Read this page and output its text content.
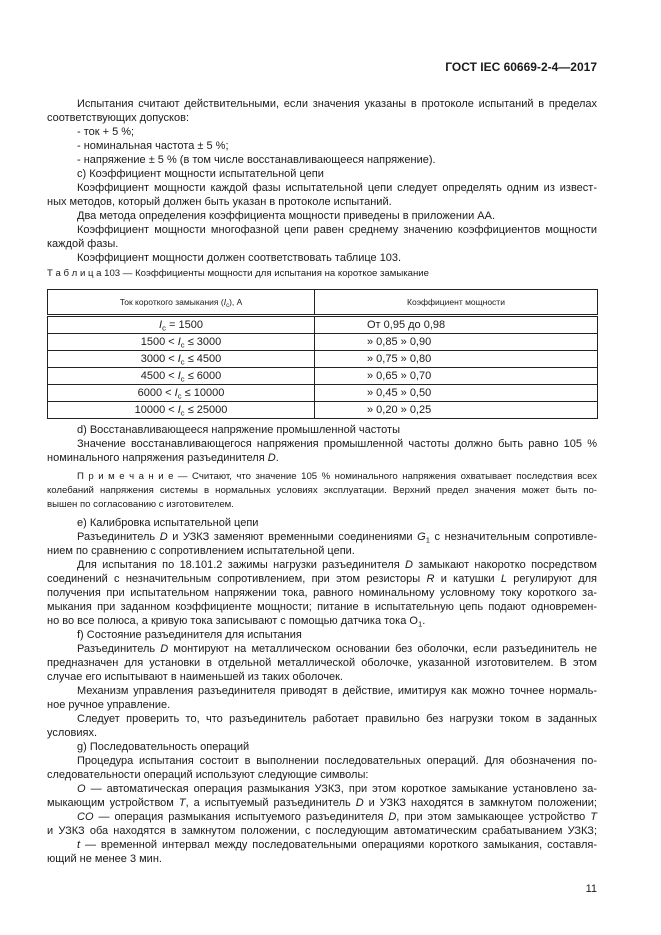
ГОСТ IEC 60669-2-4—2017
Испытания считают действительными, если значения указаны в протоколе испытаний в пределах
соответствующих допусков:
- ток + 5 %;
- номинальная частота ± 5 %;
- напряжение ± 5 % (в том числе восстанавливающееся напряжение).
c) Коэффициент мощности испытательной цепи
Коэффициент мощности каждой фазы испытательной цепи следует определять одним из извест-
ных методов, который должен быть указан в протоколе испытаний.
Два метода определения коэффициента мощности приведены в приложении АА.
Коэффициент мощности многофазной цепи равен среднему значению коэффициентов мощности
каждой фазы.
Коэффициент мощности должен соответствовать таблице 103.
Т а б л и ц а 103 — Коэффициенты мощности для испытания на короткое замыкание
Ток короткого замыкания $(I_c)$, А	Коэффициент мощности
$I_c = 1500$	От 0,95 до 0,98
$1500 < I_c \le 3000$	» 0,85 » 0,90
$3000 < I_c \le 4500$	» 0,75 » 0,80
$4500 < I_c \le 6000$	» 0,65 » 0,70
$6000 < I_c \le 10000$	» 0,45 » 0,50
$10000 < I_c \le 25000$	» 0,20 » 0,25
d) Восстанавливающееся напряжение промышленной частоты
Значение восстанавливающегося напряжения промышленной частоты должно быть равно 105 %
номинального напряжения разъединителя D.
П р и м е ч а н и е — Считают, что значение 105 % номинального напряжения охватывает последствия всех
колебаний напряжения системы в нормальных условиях эксплуатации. Верхний предел значения может быть по-
вышен по согласованию с изготовителем.
e) Калибровка испытательной цепи
Разъединитель D и УЗКЗ заменяют временными соединениями $G_1$ с незначительным сопротивле-
нием по сравнению с сопротивлением испытательной цепи.
Для испытания по 18.101.2 зажимы нагрузки разъединителя D замыкают накоротко посредством
соединений с незначительным сопротивлением, при этом резисторы R и катушки L регулируют для
получения при испытательном напряжении тока, равного номинальному условному току короткого за-
мыкания при заданном коэффициенте мощности; питание в испытательную цепь подают одновремен-
но во все полюса, а кривую тока записывают с помощью датчика тока $О_1$.
f) Состояние разъединителя для испытания
Разъединитель D монтируют на металлическом основании без оболочки, если разъединитель не
предназначен для установки в отдельной металлической оболочке, указанной изготовителем. В этом
случае его испытывают в наименьшей из таких оболочек.
Механизм управления разъединителя приводят в действие, имитируя как можно точнее нормаль-
ное ручное управление.
Следует проверить то, что разъединитель работает правильно без нагрузки током в заданных
условиях.
g) Последовательность операций
Процедура испытания состоит в выполнении последовательных операций. Для обозначения по-
следовательности операций используют следующие символы:
О — автоматическая операция размыкания УЗКЗ, при этом короткое замыкание установлено за-
мыкающим устройством T, а испытуемый разъединитель D и УЗКЗ находятся в замкнутом положении;
CO — операция размыкания испытуемого разъединителя D, при этом замыкающее устройство T
и УЗКЗ оба находятся в замкнутом положении, с последующим автоматическим срабатыванием УЗКЗ;
t — временной интервал между последовательными операциями короткого замыкания, составля-
ющий не менее 3 мин.
11
